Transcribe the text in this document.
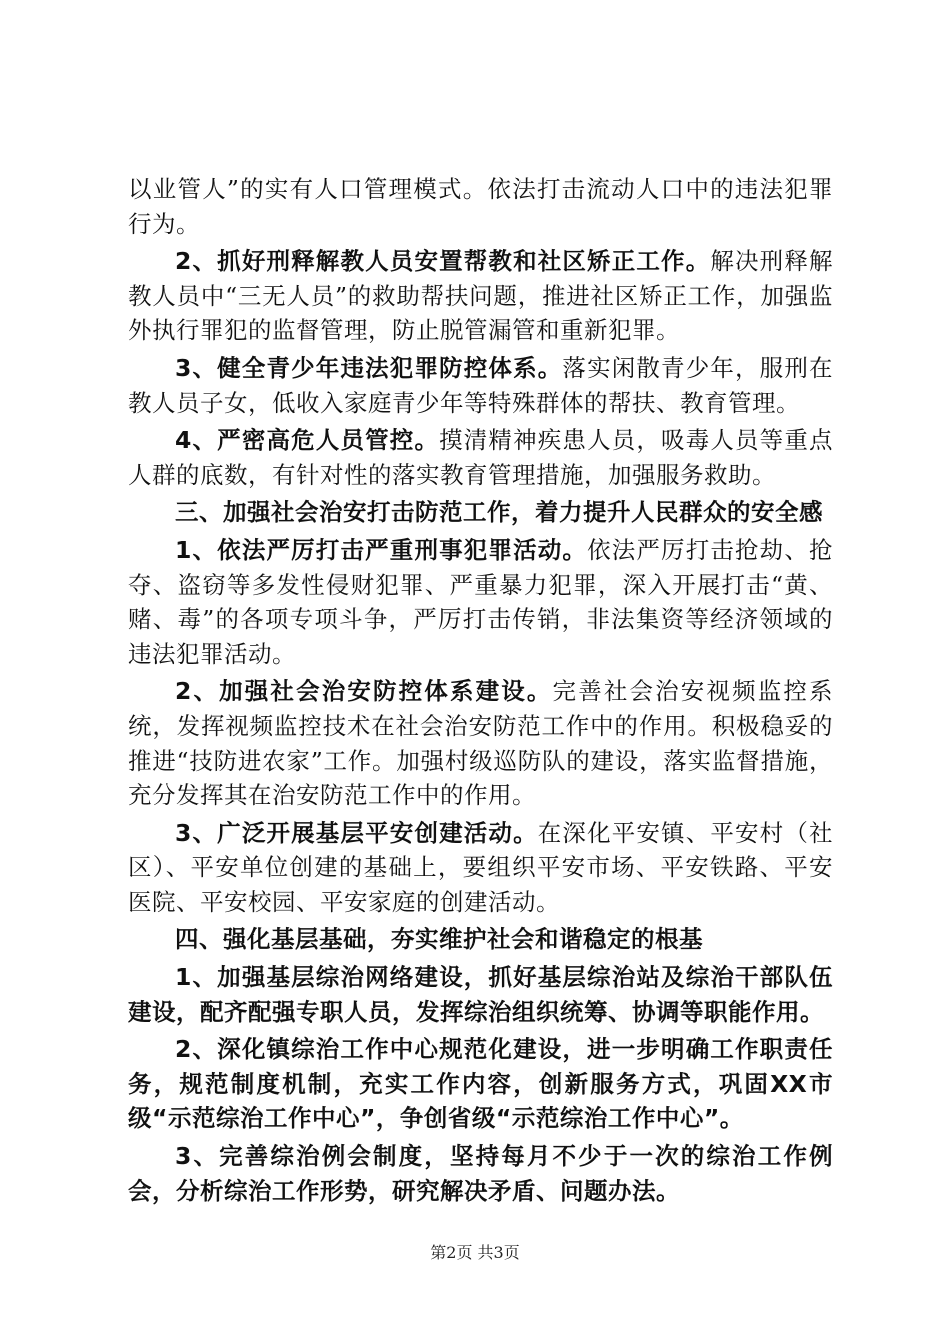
以业管人”的实有人口管理模式。依法打击流动人口中的违法犯罪行为。

2、抓好刑释解教人员安置帮教和社区矫正工作。解决刑释解教人员中“三无人员”的救助帮扶问题，推进社区矫正工作，加强监外执行罪犯的监督管理，防止脱管漏管和重新犯罪。

3、健全青少年违法犯罪防控体系。落实闲散青少年，服刑在教人员子女，低收入家庭青少年等特殊群体的帮扶、教育管理。

4、严密高危人员管控。摸清精神疾患人员，吸毒人员等重点人群的底数，有针对性的落实教育管理措施，加强服务救助。

三、加强社会治安打击防范工作，着力提升人民群众的安全感

1、依法严厉打击严重刑事犯罪活动。依法严厉打击抢劫、抢夺、盗窃等多发性侵财犯罪、严重暴力犯罪，深入开展打击“黄、赌、毒”的各项专项斗争，严厉打击传销，非法集资等经济领域的违法犯罪活动。

2、加强社会治安防控体系建设。完善社会治安视频监控系统，发挥视频监控技术在社会治安防范工作中的作用。积极稳妥的推进“技防进农家”工作。加强村级巡防队的建设，落实监督措施，充分发挥其在治安防范工作中的作用。

3、广泛开展基层平安创建活动。在深化平安镇、平安村（社区）、平安单位创建的基础上，要组织平安市场、平安铁路、平安医院、平安校园、平安家庭的创建活动。

四、强化基层基础，夯实维护社会和谐稳定的根基

1、加强基层综治网络建设，抓好基层综治站及综治干部队伍建设，配齐配强专职人员，发挥综治组织统筹、协调等职能作用。

2、深化镇综治工作中心规范化建设，进一步明确工作职责任务，规范制度机制，充实工作内容，创新服务方式，巩固XX市级“示范综治工作中心”，争创省级“示范综治工作中心”。

3、完善综治例会制度，坚持每月不少于一次的综治工作例会，分析综治工作形势，研究解决矛盾、问题办法。

第2页 共3页
